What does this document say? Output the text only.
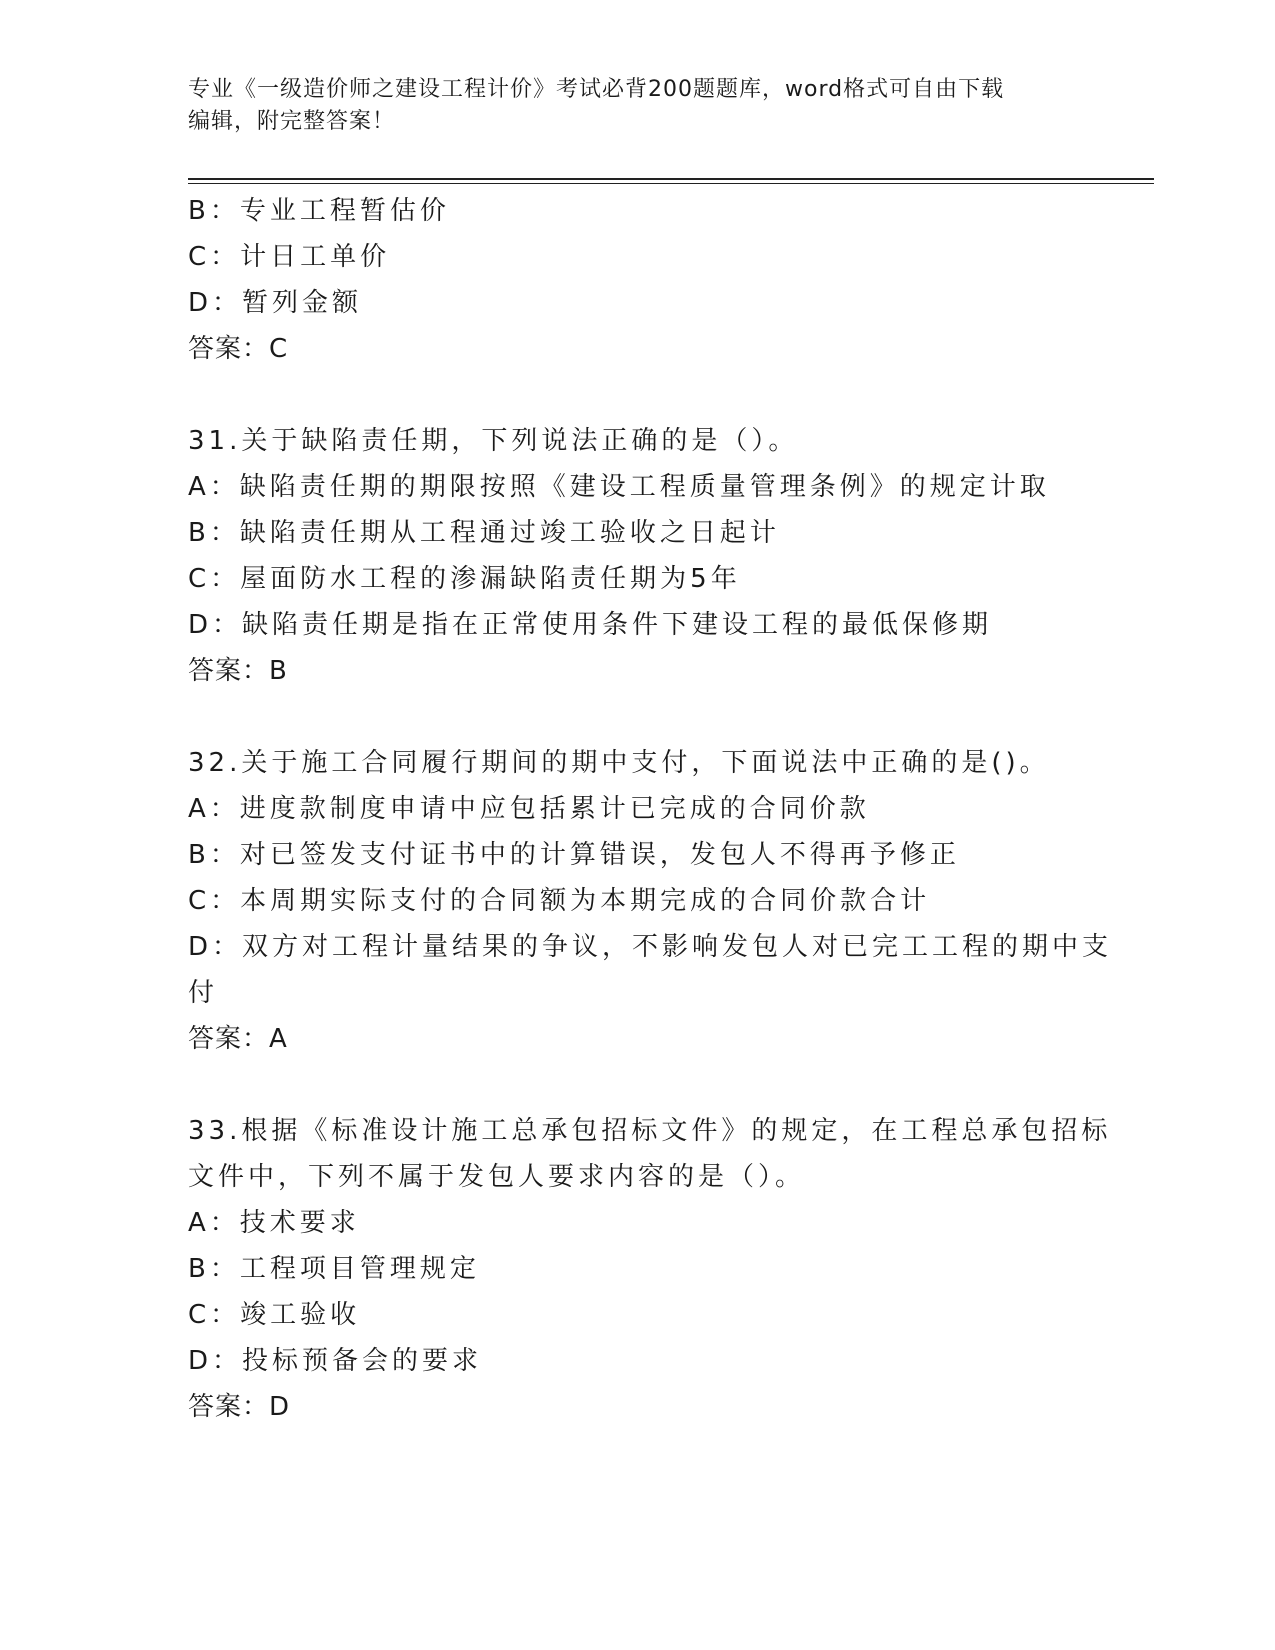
专业《一级造价师之建设工程计价》考试必背200题题库，word格式可自由下载
编辑，附完整答案！
B：专业工程暂估价
C：计日工单价
D：暂列金额
答案：C
31.关于缺陷责任期，下列说法正确的是（）。
A：缺陷责任期的期限按照《建设工程质量管理条例》的规定计取
B：缺陷责任期从工程通过竣工验收之日起计
C：屋面防水工程的渗漏缺陷责任期为5年
D：缺陷责任期是指在正常使用条件下建设工程的最低保修期
答案：B
32.关于施工合同履行期间的期中支付，下面说法中正确的是()。
A：进度款制度申请中应包括累计已完成的合同价款
B：对已签发支付证书中的计算错误，发包人不得再予修正
C：本周期实际支付的合同额为本期完成的合同价款合计
D：双方对工程计量结果的争议，不影响发包人对已完工工程的期中支
付
答案：A
33.根据《标准设计施工总承包招标文件》的规定，在工程总承包招标
文件中，下列不属于发包人要求内容的是（）。
A：技术要求
B：工程项目管理规定
C：竣工验收
D：投标预备会的要求
答案：D
